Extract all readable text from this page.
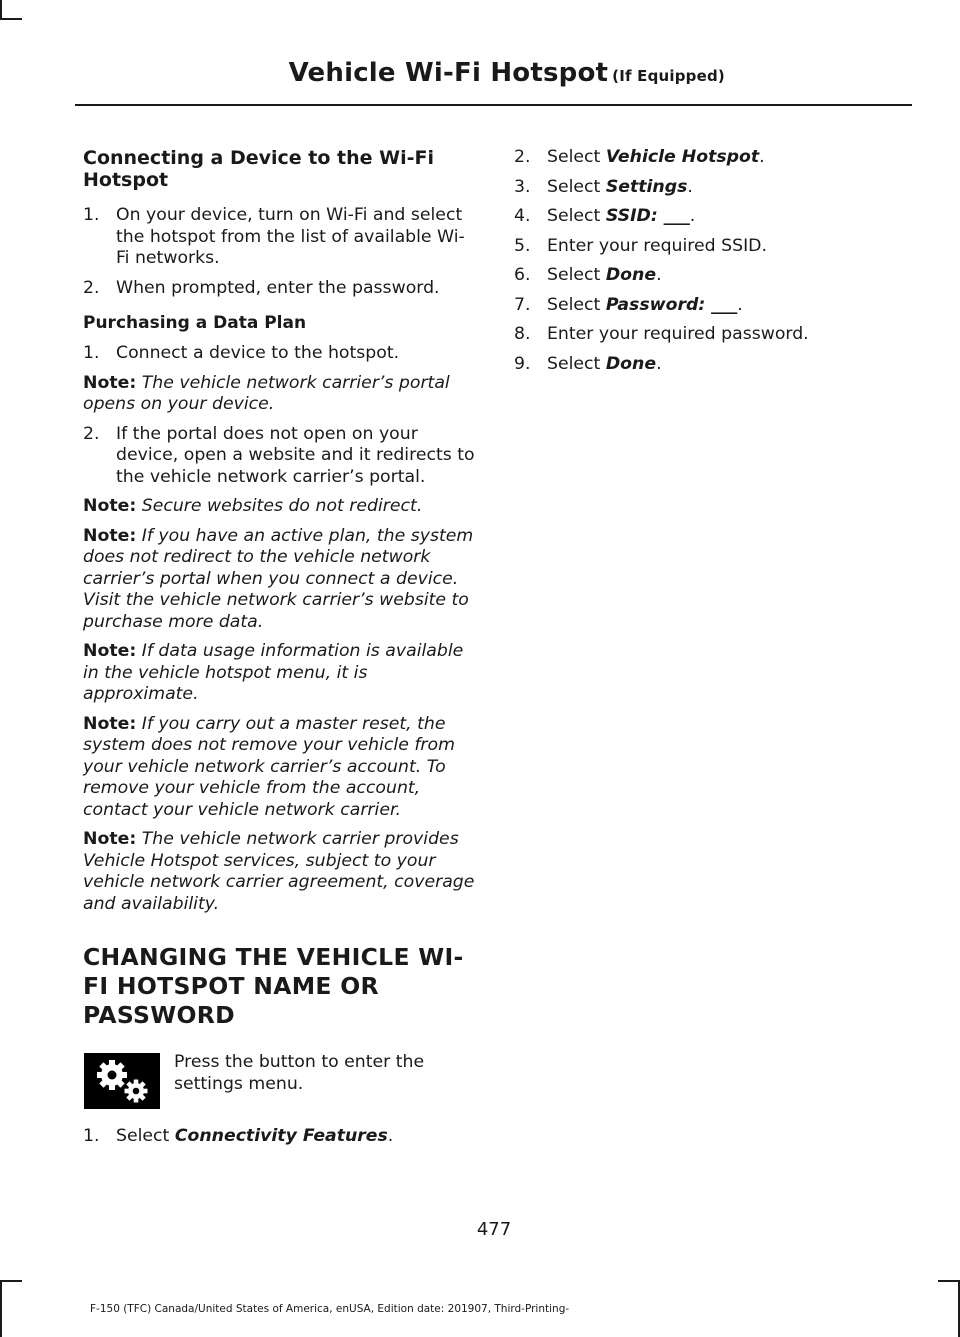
Vehicle Wi-Fi Hotspot (If Equipped)
Connecting a Device to the Wi-Fi Hotspot
1. On your device, turn on Wi-Fi and select the hotspot from the list of available Wi-Fi networks.
2. When prompted, enter the password.
Purchasing a Data Plan
1. Connect a device to the hotspot.

Note: The vehicle network carrier’s portal opens on your device.

2. If the portal does not open on your device, open a website and it redirects to the vehicle network carrier’s portal.

Note: Secure websites do not redirect.

Note: If you have an active plan, the system does not redirect to the vehicle network carrier’s portal when you connect a device. Visit the vehicle network carrier’s website to purchase more data.

Note: If data usage information is available in the vehicle hotspot menu, it is approximate.

Note: If you carry out a master reset, the system does not remove your vehicle from your vehicle network carrier’s account. To remove your vehicle from the account, contact your vehicle network carrier.

Note: The vehicle network carrier provides Vehicle Hotspot services, subject to your vehicle network carrier agreement, coverage and availability.

CHANGING THE VEHICLE WI-
FI HOTSPOT NAME OR
PASSWORD
Press the button to enter the settings menu.
1. Select Connectivity Features.
2. Select Vehicle Hotspot.
3. Select Settings.
4. Select SSID: ___.
5. Enter your required SSID.
6. Select Done.
7. Select Password: ___.
8. Enter your required password.
9. Select Done.
477
F-150 (TFC) Canada/United States of America, enUSA, Edition date: 201907, Third-Printing-
